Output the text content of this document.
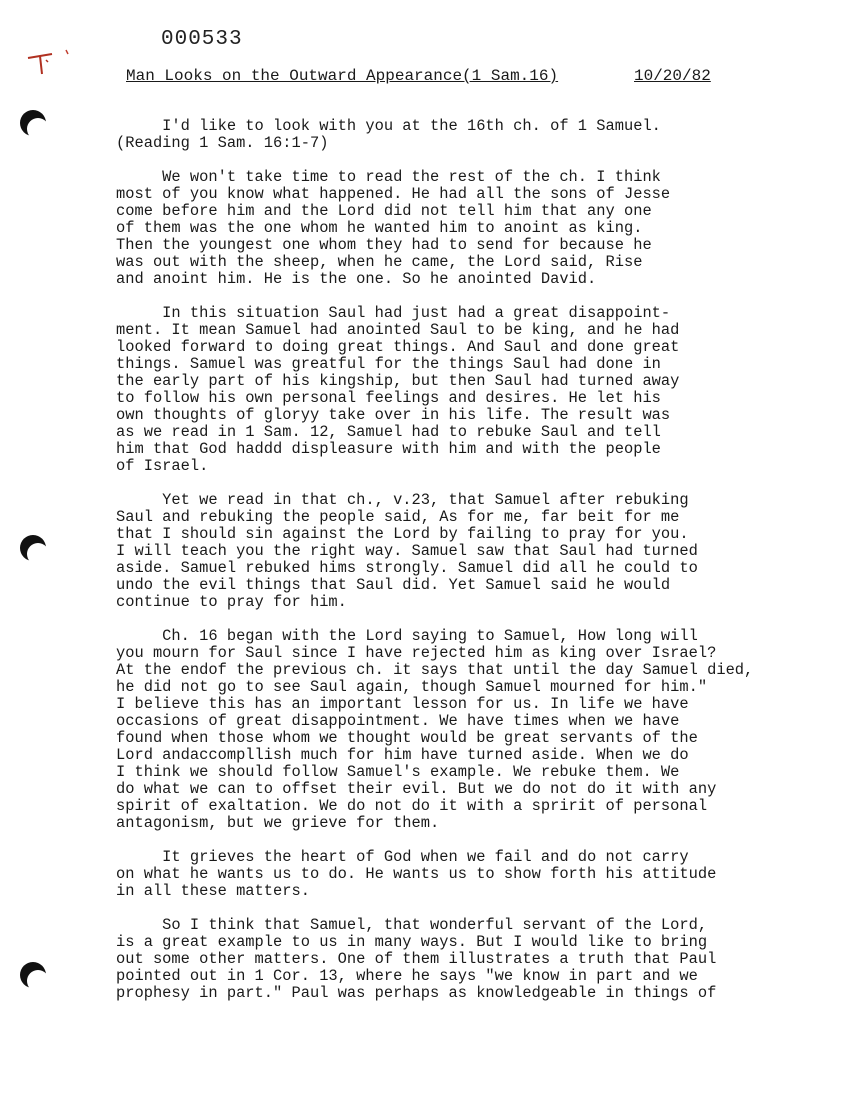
000533
Man Looks on the Outward Appearance(1 Sam.16)	10/20/82
I'd like to look with you at the 16th ch. of 1 Samuel.
(Reading 1 Sam. 16:1-7)
We won't take time to read the rest of the ch. I think
most of you know what happened. He had all the sons of Jesse
come before him and the Lord did not tell him that any one
of them was the one whom he wanted him to anoint as king.
Then the youngest one whom they had to send for because he
was out with the sheep, when he came, the Lord said, Rise
and anoint him. He is the one. So he anointed David.
In this situation Saul had just had a great disappoint-
ment. It mean Samuel had anointed Saul to be king, and he had
looked forward to doing great things. And Saul and done great
things. Samuel was greatful for the things Saul had done in
the early part of his kingship, but then Saul had turned away
to follow his own personal feelings and desires. He let his
own thoughts of gloryy take over in his life. The result was
as we read in 1 Sam. 12, Samuel had to rebuke Saul and tell
him that God haddd displeasure with him and with the people
of Israel.
Yet we read in that ch., v.23, that Samuel after rebuking
Saul and rebuking the people said, As for me, far beit for me
that I should sin against the Lord by failing to pray for you.
I will teach you the right way. Samuel saw that Saul had turned
aside. Samuel rebuked hims strongly. Samuel did all he could to
undo the evil things that Saul did. Yet Samuel said he would
continue to pray for him.
Ch. 16 began with the Lord saying to Samuel, How long will
you mourn for Saul since I have rejected him as king over Israel?
At the endof the previous ch. it says that until the day Samuel died,
he did not go to see Saul again, though Samuel mourned for him."
I believe this has an important lesson for us. In life we have
occasions of great disappointment. We have times when we have
found when those whom we thought would be great servants of the
Lord andaccompllish much for him have turned aside. When we do
I think we should follow Samuel's example. We rebuke them. We
do what we can to offset their evil. But we do not do it with any
spirit of exaltation. We do not do it with a spririt of personal
antagonism, but we grieve for them.
It grieves the heart of God when we fail and do not carry
on what he wants us to do. He wants us to show forth his attitude
in all these matters.
So I think that Samuel, that wonderful servant of the Lord,
is a great example to us in many ways. But I would like to bring
out some other matters. One of them illustrates a truth that Paul
pointed out in 1 Cor. 13, where he says "we know in part and we
prophesy in part." Paul was perhaps as knowledgeable in things of
